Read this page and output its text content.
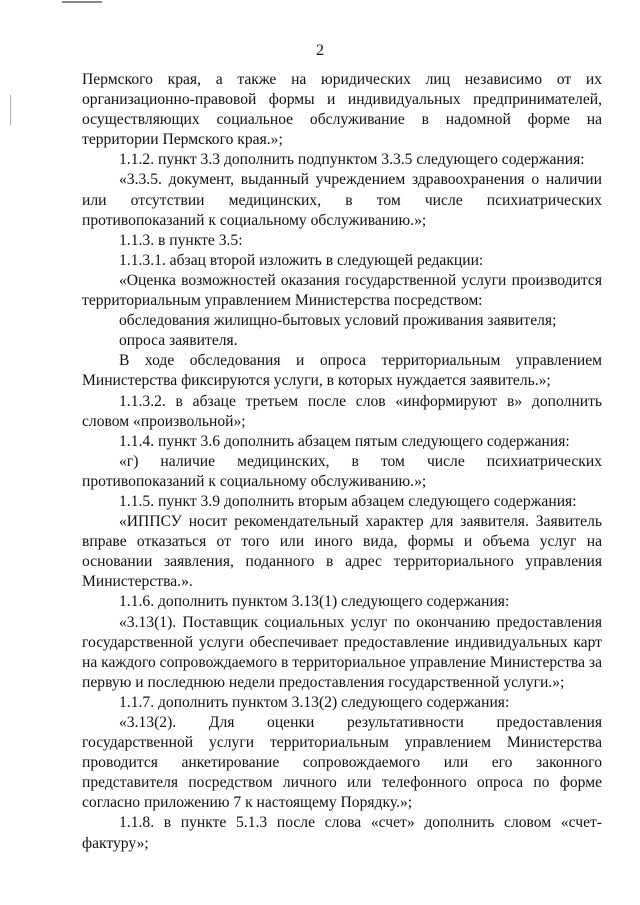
2

Пермского края, а также на юридических лиц независимо от их организационно-правовой формы и индивидуальных предпринимателей, осуществляющих социальное обслуживание в надомной форме на территории Пермского края.»;

1.1.2. пункт 3.3 дополнить подпунктом 3.3.5 следующего содержания:

«3.3.5. документ, выданный учреждением здравоохранения о наличии или отсутствии медицинских, в том числе психиатрических противопоказаний к социальному обслуживанию.»;

1.1.3. в пункте 3.5:

1.1.3.1. абзац второй изложить в следующей редакции:

«Оценка возможностей оказания государственной услуги производится территориальным управлением Министерства посредством:

обследования жилищно-бытовых условий проживания заявителя;

опроса заявителя.

В ходе обследования и опроса территориальным управлением Министерства фиксируются услуги, в которых нуждается заявитель.»;

1.1.3.2. в абзаце третьем после слов «информируют в» дополнить словом «произвольной»;

1.1.4. пункт 3.6 дополнить абзацем пятым следующего содержания:

«г) наличие медицинских, в том числе психиатрических противопоказаний к социальному обслуживанию.»;

1.1.5. пункт 3.9 дополнить вторым абзацем следующего содержания:

«ИППСУ носит рекомендательный характер для заявителя. Заявитель вправе отказаться от того или иного вида, формы и объема услуг на основании заявления, поданного в адрес территориального управления Министерства.».

1.1.6. дополнить пунктом 3.13(1) следующего содержания:

«3.13(1). Поставщик социальных услуг по окончанию предоставления государственной услуги обеспечивает предоставление индивидуальных карт на каждого сопровождаемого в территориальное управление Министерства за первую и последнюю недели предоставления государственной услуги.»;

1.1.7. дополнить пунктом 3.13(2) следующего содержания:

«3.13(2). Для оценки результативности предоставления государственной услуги территориальным управлением Министерства проводится анкетирование сопровождаемого или его законного представителя посредством личного или телефонного опроса по форме согласно приложению 7 к настоящему Порядку.»;

1.1.8. в пункте 5.1.3 после слова «счет» дополнить словом «счет-фактуру»;
